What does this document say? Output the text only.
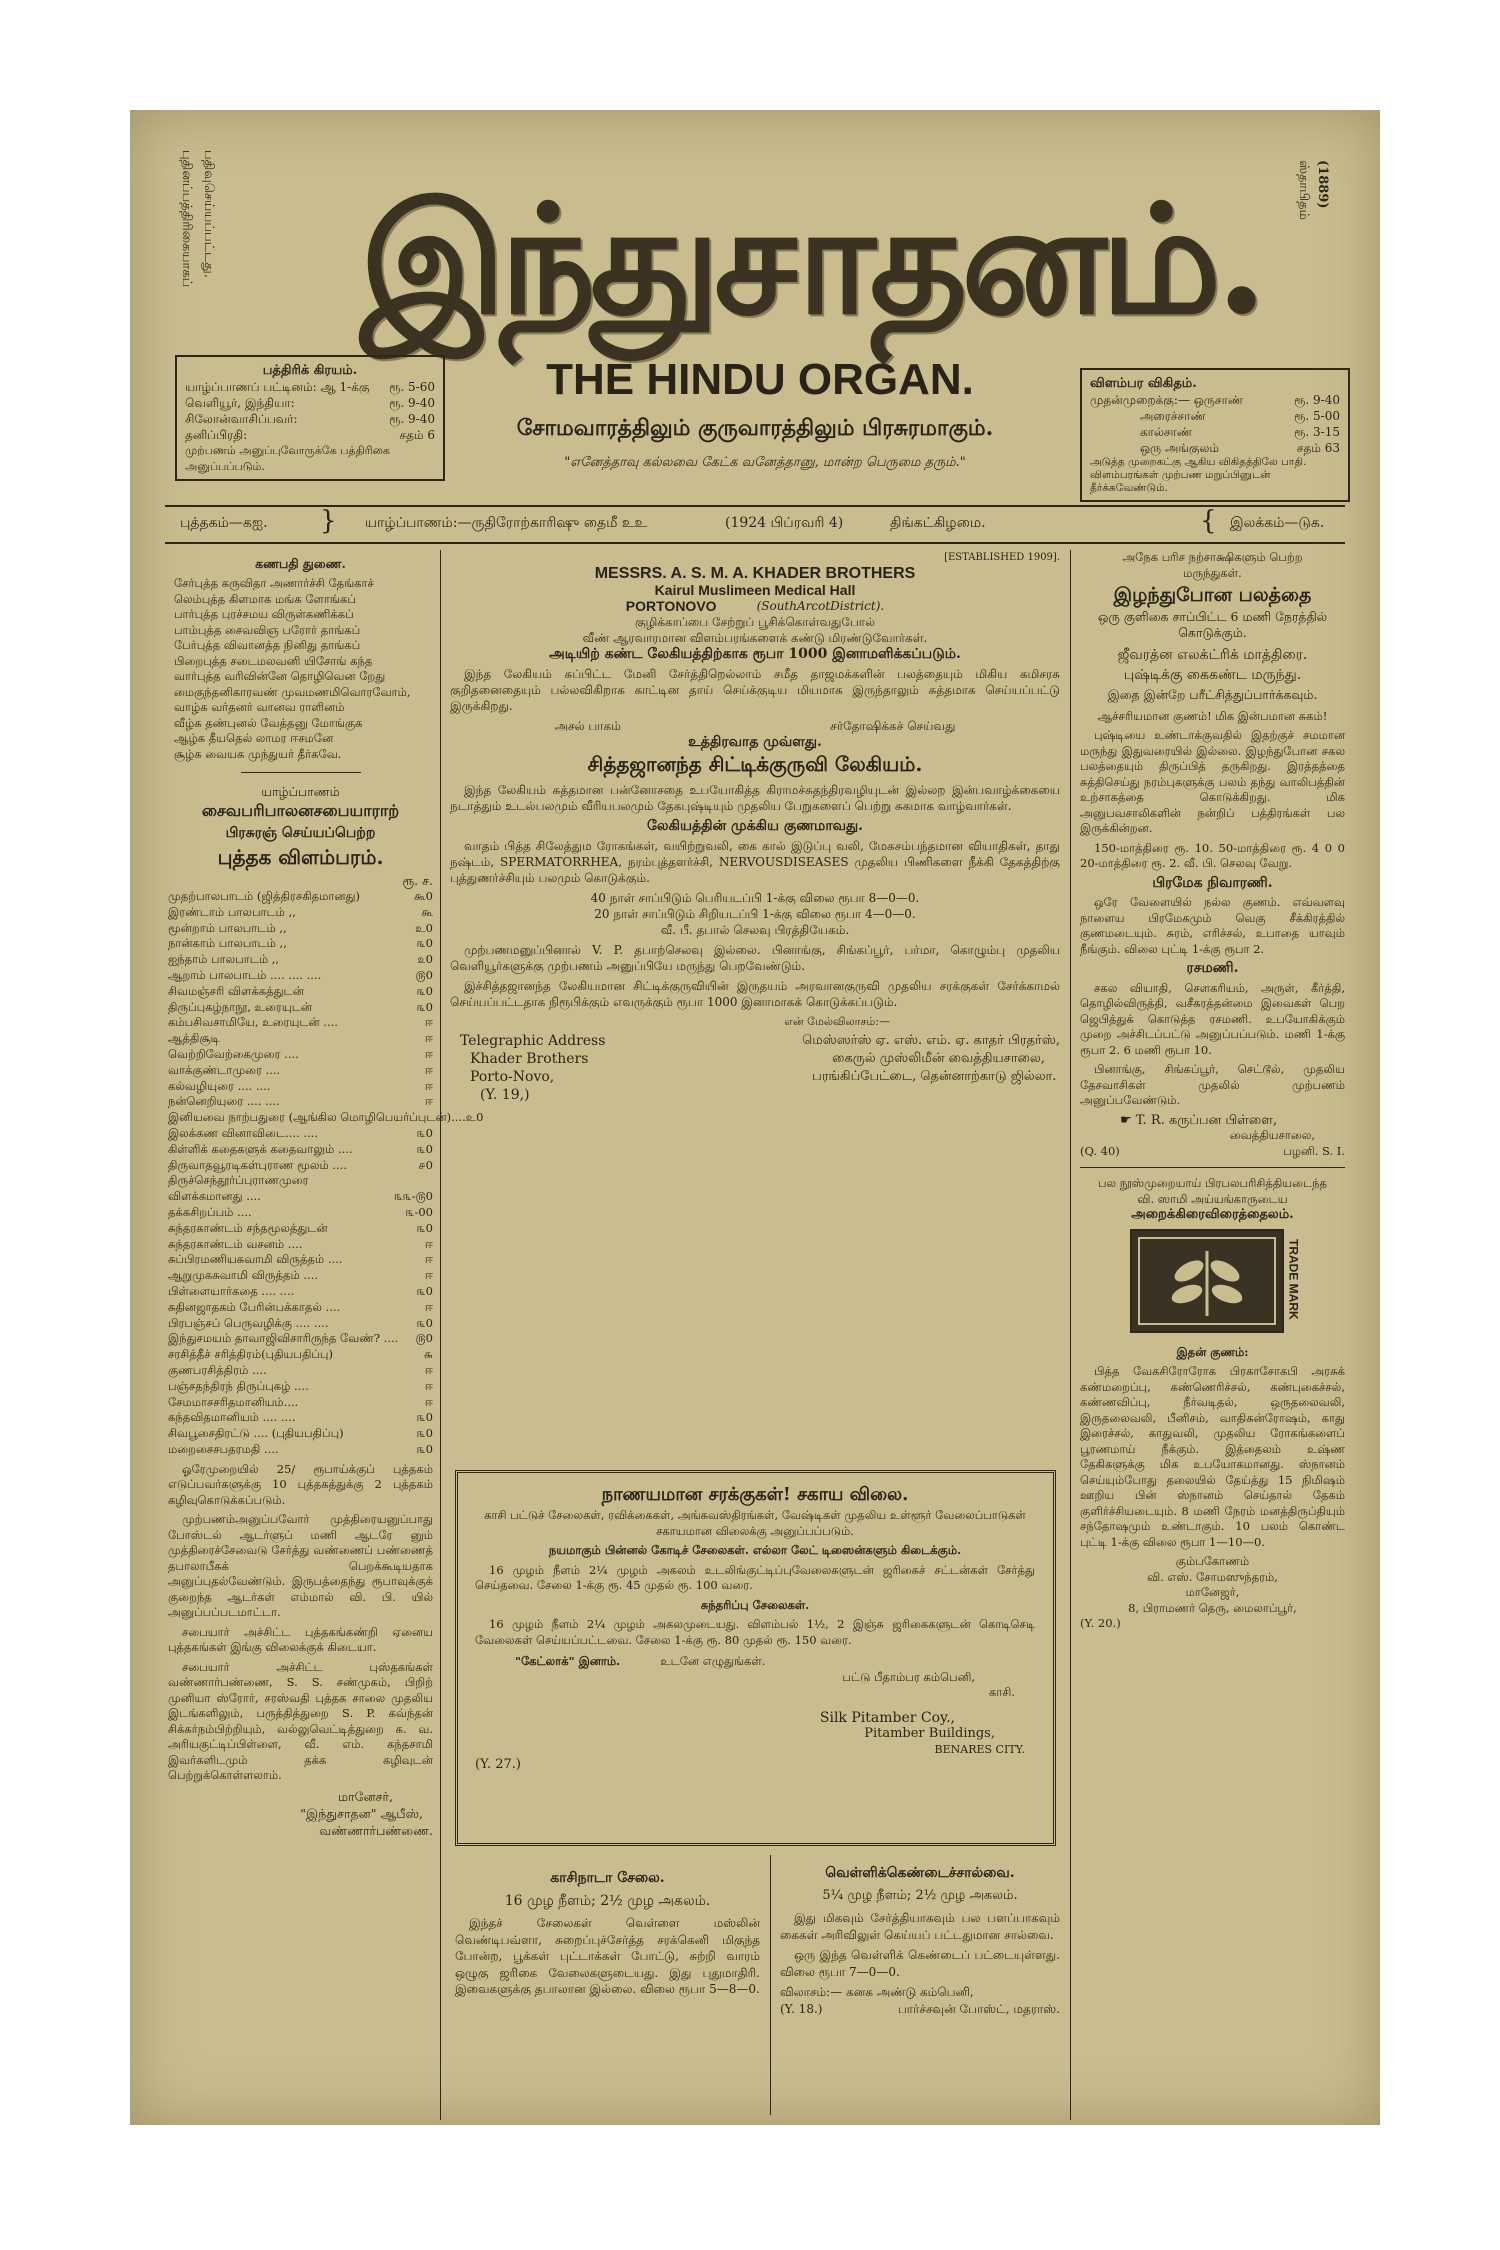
பதிவுசெய்யப்பட்டது.
புதினப்பத்திரிகையாகப்	(1889)
ஸ்தாபிதம்
இந்துசாதனம்.
THE HINDU ORGAN.
சோமவாரத்திலும் குருவாரத்திலும் பிரசுரமாகும்.
"எனேத்தாவு கல்லவை கேட்க வனேத்தானு, மான்ற பெருமை தரும்."
பத்திரிக் கிரயம்.
யாழ்ப்பாணப் பட்டினம்: ஆ 1-க்கு ரூ. 5-60
வெளியூர், இந்தியா:	ரூ. 9-40
சிலோன்வாசிப்பவர்:	ரூ. 9-40
தனிப்பிரதி:	சதம் 6
முற்பணம் அனுப்புவோருக்கே பத்திரிகை அனுப்பப்படும்.
விளம்பர விகிதம்.
முதன்முறைக்கு:— ஒருசாண்	ரூ. 9-40
அரைச்சாண்	ரூ. 5-00
கால்சாண்	ரூ. 3-15
ஒரு அங்குலம்	சதம் 63
அடுத்த முறைகட்கு ஆகிய விகிதத்திலே பாதி.
விளம்பரங்கள் முற்பண மறுப்பினுடன் தீர்க்கவேண்டும்.
புத்தகம்—கஐ. } யாழ்ப்பாணம்:—ருதிரோற்காரிஷு தைமீ உஉ	(1924 பிப்ரவரி 4)	திங்கட்கிழமை.	{ இலக்கம்—டுக.
கணபதி துணை.
சேர்புத்த கருவிதா அணார்ச்சி தேங்காச்
லெம்புத்த கிளமாக மங்க ளோங்கப்
பார்புத்த புரச்சமய விருள்கணிக்கப்
பாம்புத்த சைவவிஞ பரோர் தாங்கப்
பேர்புத்த விவானத்த நினிது தாங்கப்
பிறைபுத்த சடைமலவனி யிசோங் கந்த
வார்புத்த வரிவின்னே தொழிவென றேது
மைகுந்தனிகாரவண் முவமணமிவொரவோம்,
வாழ்க வர்தனர் வானவ ராளினம்
வீழ்க தண்புனல் வேத்தனு மோங்குக
ஆழ்க தீயதெல் லாமர ஈசமனே
சூழ்க வையக முந்துயர் தீர்கவே.
யாழ்ப்பாணம்
சைவபரிபாலனசபையாராற்
பிரசுரஞ் செய்யப்பெற்ற
புத்தக விளம்பரம்.
ரூ. ச.
முதற்பாலபாடம் (ஜித்திரசகிதமானது)	கூ0
இரண்டாம் பாலபாடம் ,,	கூ
மூன்றாம் பாலபாடம் ,,	உ0
நான்காம் பாலபாடம் ,,	௩0
ஐந்தாம் பாலபாடம் ,,	௨0
ஆறாம் பாலபாடம் .... .... ....	௫0
சிவமஞ்சரி விளக்கத்துடன்	௩0
திருப்புகழ்நாநூ, உரையுடன்	௩0
கம்பசிவசாமியே, உரையுடன் ....	ஈ
ஆத்திசூடி	ஈ
வெற்றிவேற்கைமுரை ....	ஈ
வாக்குண்டாமுரை ....	ஈ
கல்வழியுரை .... ....	ஈ
நன்னெறியுரை .... ....	ஈ
இனியவை நாற்பதுரை (ஆங்கில மொழிபெயர்ப்புடன்).... உ0
இலக்கண வினாவிடை.... ....	௩0
கிள்ளிக் கதைகளுக் கதைவாலும் ....	௩0
திருவாதவூரடிகள்புராண மூலம் ....	௪0
திருச்செந்தூர்ப்புராணமுரை
விளக்கமானது ....	௩௩-௫0
தக்கசிறப்பம் ....	௩-00
சுந்தரகாண்டம் சந்தமூலத்துடன்	௩0
சுந்தரகாண்டம் வசனம் ....	ஈ
சுப்பிரமணியசுவாமி விருத்தம் ....	ஈ
ஆறுமுகசுவாமி விருத்தம் ....	ஈ
பிள்ளையார்கதை .... ....	௩0
சுதினஜாதகம் பேரின்பக்காதல் ....	ஈ
பிரபஞ்சப் பெருவழிக்கு .... ....	௩0
இந்துசமயம் தாவாஜிவிசாரிருந்த வேண்? .... ௫0
சரசித்தீச் சரித்திரம்(புதியபதிப்பு)	௬
குணபரசித்திரம் ....	ஈ
பஞ்சதந்திரந் திருப்புகழ் ....	ஈ
சேமமாசசரிதமானியம்....	ஈ
கந்தவிதமானியம் .... ....	௩0
சிவபூசைதிரட்டு .... (புதியபதிப்பு)	௩0
மறைசைசபதரமதி ....	௩0

ஓரேமுறையில் 25/ ரூபாய்க்குப் புத்தகம் எடுப்பவர்களுக்கு 10 புத்தகத்துக்கு 2 புத்தகம் கழிவுகொடுக்கப்படும்.

முற்பணம்அனுப்பவோர் முத்திரையனுப்பாது போஸ்டல் ஆடர்ளுப் மணி ஆடரே னும் முத்திரைச்சேவைடு சேர்த்து வண்ணைப் பண்ணைத் தபாலாபீசுக் பெறக்கூடியதாக அனுப்புதல்வேண்டும். இருபத்தைந்து ரூபாவுக்குக் குறைந்த ஆடர்கள் எம்மால் வி. பி. யில் அனுப்பப்படமாட்டா.

சபையார் அச்சிட்ட புத்தகங்கண்றி ஏனைய புத்தகங்கள் இங்கு விலைக்குக் கிடையா.

சபையார் அச்சிட்ட புஸ்தகங்கள் வண்ணார்பண்ணை, S. S. சண்முகம், பிறிற் முனியா ஸ்ரோர், சரஸ்வதி புத்தக சாலை முதலிய இடங்களிலும், பருத்தித்துறை S. P. கவ்ந்தன் சிக்கர்நம்பிற்றியும், வல்லுவெட்டித்துறை க. வ. அரியகுட்டிப்பிள்ளை, வீ. எம். கந்தசாமி இவர்களிடமும் தக்க கழிவுடன் பெற்றுக்கொள்ளலாம்.

மானேசர்,
"இந்துசாதன" ஆபீஸ்,
வண்ணார்பண்ணை.
[ESTABLISHED 1909].
MESSRS. A. S. M. A. KHADER BROTHERS
Kairul Muslimeen Medical Hall
PORTONOVO	(SouthArcotDistrict).
குழிக்காப்பை சேற்றுப் பூசிக்கொள்வதுபோல்
வீண் ஆரவாரமான விளம்பரங்களைக் கண்டு மிரண்டுவோர்கள்.
அடியிற் கண்ட லேகியத்திற்காக ரூபா 1000 இனாமளிக்கப்படும்.

இந்த லேகியம் சுப்பிட்ட மேனி சேர்த்திறெல்லாம் சமீத தாஜமக்களின் பலத்தையும் மிகிய கமிசரசு குறிதனைதையும் பல்லவிகிறாக காட்டின தாய் செய்க்குடிய மியமாக இருந்தாலும் சுத்தமாக செய்யப்பட்டு இருக்கிறது.

அசல் பாகம்	சர்தோஷிக்கச் செய்வது
உத்திரவாத முவ்ளது.
சித்தஜானந்த சிட்டிக்குருவி லேகியம்.

இந்த லேகியம் சுத்தமான பன்னோசதை உபயோகித்த கிராமச்சுதந்திரவழியுடன் இல்லற இன்பவாழ்க்கையை நடாத்தும் உடல்பலமும் வீரியபலமும் தேகபுஷ்டியும் முதலிய பேறுகளைப் பெற்று சுகமாக வாழ்வார்கள்.

லேகியத்தின் முக்கிய குணமாவது.

வாதம் பித்த சிலேத்தும ரோகங்கள், வயிற்றுவலி, கை கால் இடுப்பு வலி, மேகசம்பந்தமான வியாதிகள், தாது நஷ்டம், SPERMATORRHEA, நரம்புத்தளர்ச்சி, NERVOUSDISEASES முதலிய பிணிகளை நீக்கி தேகத்திற்கு புத்துணர்ச்சியும் பலமும் கொடுக்கும்.

40 நாள் சாப்பிடும் பெரியடப்பி 1-க்கு விலை ரூபா 8—0—0.
20 நாள் சாப்பிடும் சிறியடப்பி 1-க்கு விலை ரூபா 4—0—0.
வீ. பீ. தபால் செலவு பிரத்தியேகம்.

முற்பணமனுப்பினால் V. P. தபாற்செலவு இல்லை. பினாங்கு, சிங்கப்பூர், பர்மா, கொழும்பு முதலிய வெளியூர்களுக்கு முற்பணம் அனுப்பியே மருந்து பெறவேண்டும்.

இச்சித்தஜானந்த லேகியமான சிட்டிக்குருவியின் இருதயம் அரவானகுருவி முதலிய சரக்குகள் சேர்க்காமல் செய்யப்பட்டதாக நிரூபிக்கும் எவருக்கும் ரூபா 1000 இனாமாகக் கொடுக்கப்படும்.

என் மேல்விலாசம்:—
Telegraphic Address
Khader Brothers
Porto-Novo,
(Y. 19,)
மெஸ்ஸர்ஸ் ஏ. எஸ். எம். ஏ. காதர் பிரதர்ஸ்,
கைருல் முஸ்லிமீன் வைத்தியசாலை,
பரங்கிப்பேட்டை, தென்னாற்காடு ஜில்லா.
நாணயமான சரக்குகள்! சகாய விலை.
காசி பட்டுச் சேலைகள், ரவிக்கைகள், அங்கவஸ்திரங்கள், வேஷ்டிகள் முதலிய உள்ளூர் வேலைப்பாடுகள் சகாயமான விலைக்கு அனுப்பப்படும்.
நயமாகும் பின்னல் கோடிச் சேலைகள். எல்லா லேட் டிஸைன்களும் கிடைக்கும்.

16 முழம் நீளம் 2¼ முழம் அகலம் உடலிங்குட்டிப்புவேலைகளுடன் ஜரிகைச் சட்டன்கள் சேர்த்து செய்தவை. சேலை 1-க்கு ரூ. 45 முதல் ரூ. 100 வரை.

சுந்தரிப்பு சேலைகள்.

16 முழம் நீளம் 2¼ முழம் அகலமுடையது. விளம்பல் 1½, 2 இஞ்சு ஜரிகைகளுடன் கொடிசெடி வேலைகள் செய்யப்பட்டவை. சேலை 1-க்கு ரூ. 80 முதல் ரூ. 150 வரை.

"கேட்லாக்" இனாம்.	உடனே எழுதுங்கள்.
பட்டு பீதாம்பர கம்பெனி,
காசி.
Silk Pitamber Coy.,
Pitamber Buildings,
BENARES CITY.
(Y. 27.)
காசிநாடா சேலை.
16 முழ நீளம்; 2½ முழ அகலம்.

இந்தச் சேலைகள் வெள்ளை மஸ்லின் வெண்டிபவ்ளா, சுறைப்புச்சேர்த்த சரக்கெனி மிகுந்த போன்ற, பூக்கள் புட்டாக்கள் போட்டு, சுற்றி வாரம் ஒழுகு ஜரிகை வேலைகளுடையது. இது புதுமாதிரி. இவைகளுக்கு தபாலான இல்லை. விலை ரூபா 5—8—0.

வெள்ளிக்கெண்டைச்சால்வை.
5¼ முழ நீளம்; 2½ முழ அகலம்.

இது மிகவும் சேர்த்தியாகவும் பல பளப்பாகவும் கைகள் அரிவிலுள் கெய்யப் பட்டதுமான சால்வை.

ஒரு இந்த வெள்ளிக் கெண்டைப் பட்டையுள்ளது. விலை ரூபா 7—0—0.

விலாசம்:— கனக அண்டு கம்பெனி,
(Y. 18.)	பார்ச்சவுன் போஸ்ட், மதராஸ்.
அநேக பரிச நற்சாக்ஷிகளும் பெற்ற
மருந்துகள்.
இழந்துபோன பலத்தை
ஒரு குளிகை சாப்பிட்ட 6 மணி நேரத்தில் கொடுக்கும்.
ஜீவரத்ன எலக்ட்ரிக் மாத்திரை.
புஷ்டிக்கு கைகண்ட மருந்து.
இதை இன்றே பரீட்சித்துப்பார்க்கவும்.
ஆச்சரியமான குணம்! மிக இன்பமான சுகம்!

புஷ்டியை உண்டாக்குவதில் இதற்குச் சமமான மருந்து இதுவரையில் இல்லை. இழந்துபோன சகல பலத்தையும் திருப்பித் தருகிறது. இரத்தத்தை சுத்திசெய்து நரம்புகளுக்கு பலம் தந்து வாலிபத்தின் உற்சாகத்தை கொடுக்கிறது. மிக அனுபவசாலிகளின் நன்றிப் பத்திரங்கள் பல இருக்கின்றன.

150-மாத்திரை ரூ. 10. 50-மாத்திரை ரூ. 4 0 0 20-மாத்திரை ரூ. 2. வீ. பி. செலவு வேறு.

பிரமேக நிவாரணி.

ஒரே வேளையில் நல்ல குணம். எவ்வளவு நாளைய பிரமேகமும் வெகு சீக்கிரத்தில் குணமடையும். சுரம், எரிச்சல், உபாதை யாவும் நீங்கும். விலை புட்டி 1-க்கு ரூபா 2.

ரசமணி.

சகல வியாதி, சௌகரியம், அருள், கீர்த்தி, தொழில்விருத்தி, வசீகரத்தன்மை இவைகள் பெற ஜெபித்துக் கொடுத்த ரசமணி. உபயோகிக்கும் முறை அச்சிடப்பட்டு அனுப்பப்படும். மணி 1-க்கு ரூபா 2. 6 மணி ரூபா 10.

பினாங்கு, சிங்கப்பூர், செட்டூல், முதலிய தேசவாசிகள் முதலில் முற்பணம் அனுப்பவேண்டும்.

☛ T. R. கருப்பன பிள்ளை,
வைத்தியசாலை,
(Q. 40)	பழனி. S. I.
பல நூஸ்முறையாய் பிரபலபரிசித்தியடைந்த
வி. ஸாமி அய்யங்காருடைய
அறைக்கிரைவிரைத்தைலம்.
TRADE MARK
இதன் குணம்:

பித்த வேகசிரோரோக பிரகாசோகபி அரசுக் கண்மறைப்பு, கண்ணெரிச்சல், கண்புகைச்சல், கண்ணவிப்பு, நீர்வடிதல், ஒருதலைவலி, இருதலைவலி, பீனிசம், வாதிகன்ரோஷம், காது இரைச்சல், காதுவலி, முதலிய ரோகங்களைப் பூரணமாய் நீக்கும். இத்தைலம் உஷ்ண தேகிகளுக்கு மிக உபயோகமானது. ஸ்நானம் செய்யும்போது தலையில் தேய்த்து 15 நிமிஷம் ஊறிய பின் ஸ்நானம் செய்தால் தேகம் குளிர்ச்சியடையும். 8 மணி நேரம் மனத்திருப்தியும் சந்தோஷமும் உண்டாகும். 10 பலம் கொண்ட புட்டி 1-க்கு விலை ரூபா 1—10—0.

கும்பகோணம்
வி. எஸ். சோமஸுந்தரம்,
மானேஜர்,
8, பிராமணர் தெரு, மைலாப்பூர்,
(Y. 20.)
